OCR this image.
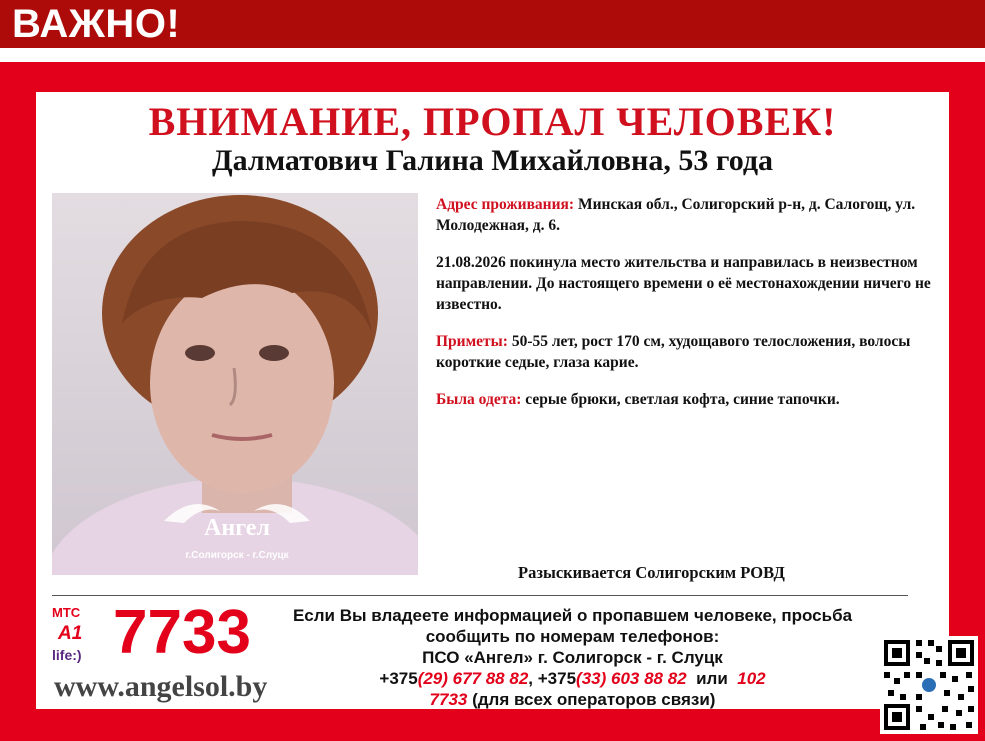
ВАЖНО!
ВНИМАНИЕ, ПРОПАЛ ЧЕЛОВЕК!
Далматович Галина Михайловна, 53 года
Ангел
г.Солигорск - г.Слуцк

Адрес проживания: Минская обл., Солигорский р-н, д. Салогощ, ул. Молодежная, д. 6.

21.08.2026 покинула место жительства и направилась в неизвестном направлении. До настоящего времени о её местонахождении ничего не известно.

Приметы: 50-55 лет, рост 170 см, худощавого телосложения, волосы короткие седые, глаза карие.

Была одета: серые брюки, светлая кофта, синие тапочки.

Разыскивается Солигорским РОВД
МТС
A1
life:) 7733
www.angelsol.by
Если Вы владеете информацией о пропавшем человеке, просьба
сообщить по номерам телефонов:
ПСО «Ангел» г. Солигорск - г. Слуцк
+375(29) 677 88 82, +375(33) 603 88 82 или 102
7733 (для всех операторов связи)
